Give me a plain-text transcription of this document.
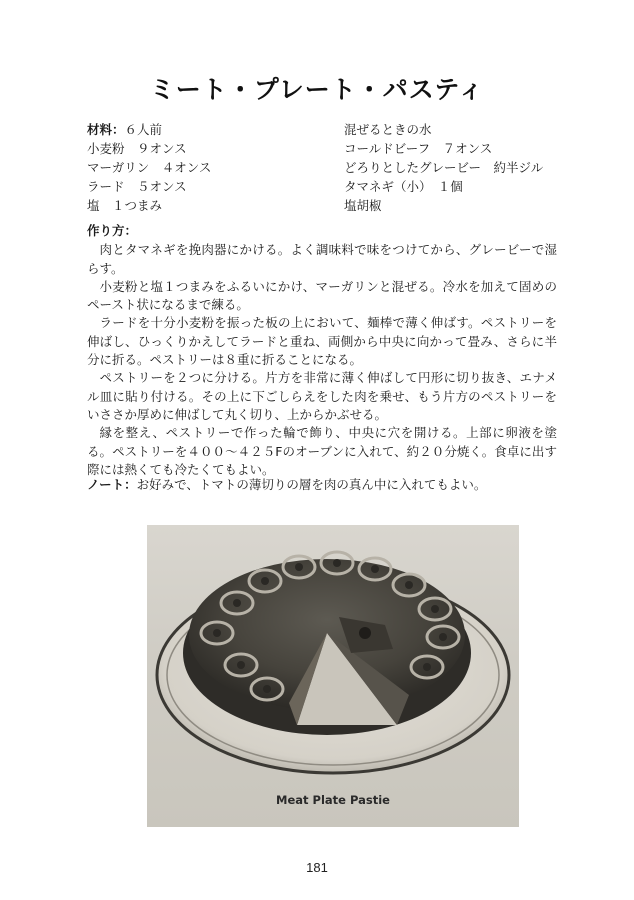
ミート・プレート・パスティ
材料：６人前
小麦粉　９オンス
マーガリン　４オンス
ラード　５オンス
塩　１つまみ
混ぜるときの水
コールドビーフ　７オンス
どろりとしたグレービー　約半ジル
タマネギ（小）　１個
塩胡椒
作り方：

肉とタマネギを挽肉器にかける。よく調味料で味をつけてから、グレービーで湿らす。

小麦粉と塩１つまみをふるいにかけ、マーガリンと混ぜる。冷水を加えて固めのペースト状になるまで練る。

ラードを十分小麦粉を振った板の上において、麺棒で薄く伸ばす。ペストリーを伸ばし、ひっくりかえしてラードと重ね、両側から中央に向かって畳み、さらに半分に折る。ペストリーは８重に折ることになる。

ペストリーを２つに分ける。片方を非常に薄く伸ばして円形に切り抜き、エナメル皿に貼り付ける。その上に下ごしらえをした肉を乗せ、もう片方のペストリーをいささか厚めに伸ばして丸く切り、上からかぶせる。

縁を整え、ペストリーで作った輪で飾り、中央に穴を開ける。上部に卵液を塗る。ペストリーを４００〜４２５Fのオーブンに入れて、約２０分焼く。食卓に出す際には熱くても冷たくてもよい。

ノート：お好みで、トマトの薄切りの層を肉の真ん中に入れてもよい。
Meat Plate Pastie
181
